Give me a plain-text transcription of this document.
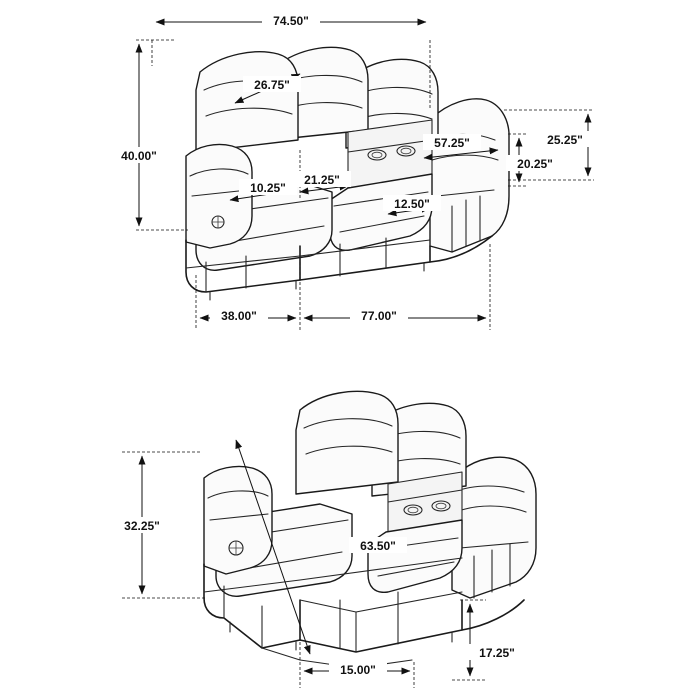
74.50"
26.75"
40.00"
25.25"
57.25"
20.25"
10.25"
21.25"
12.50"
38.00"	77.00"
32.25"
63.50"
15.00"
17.25"
